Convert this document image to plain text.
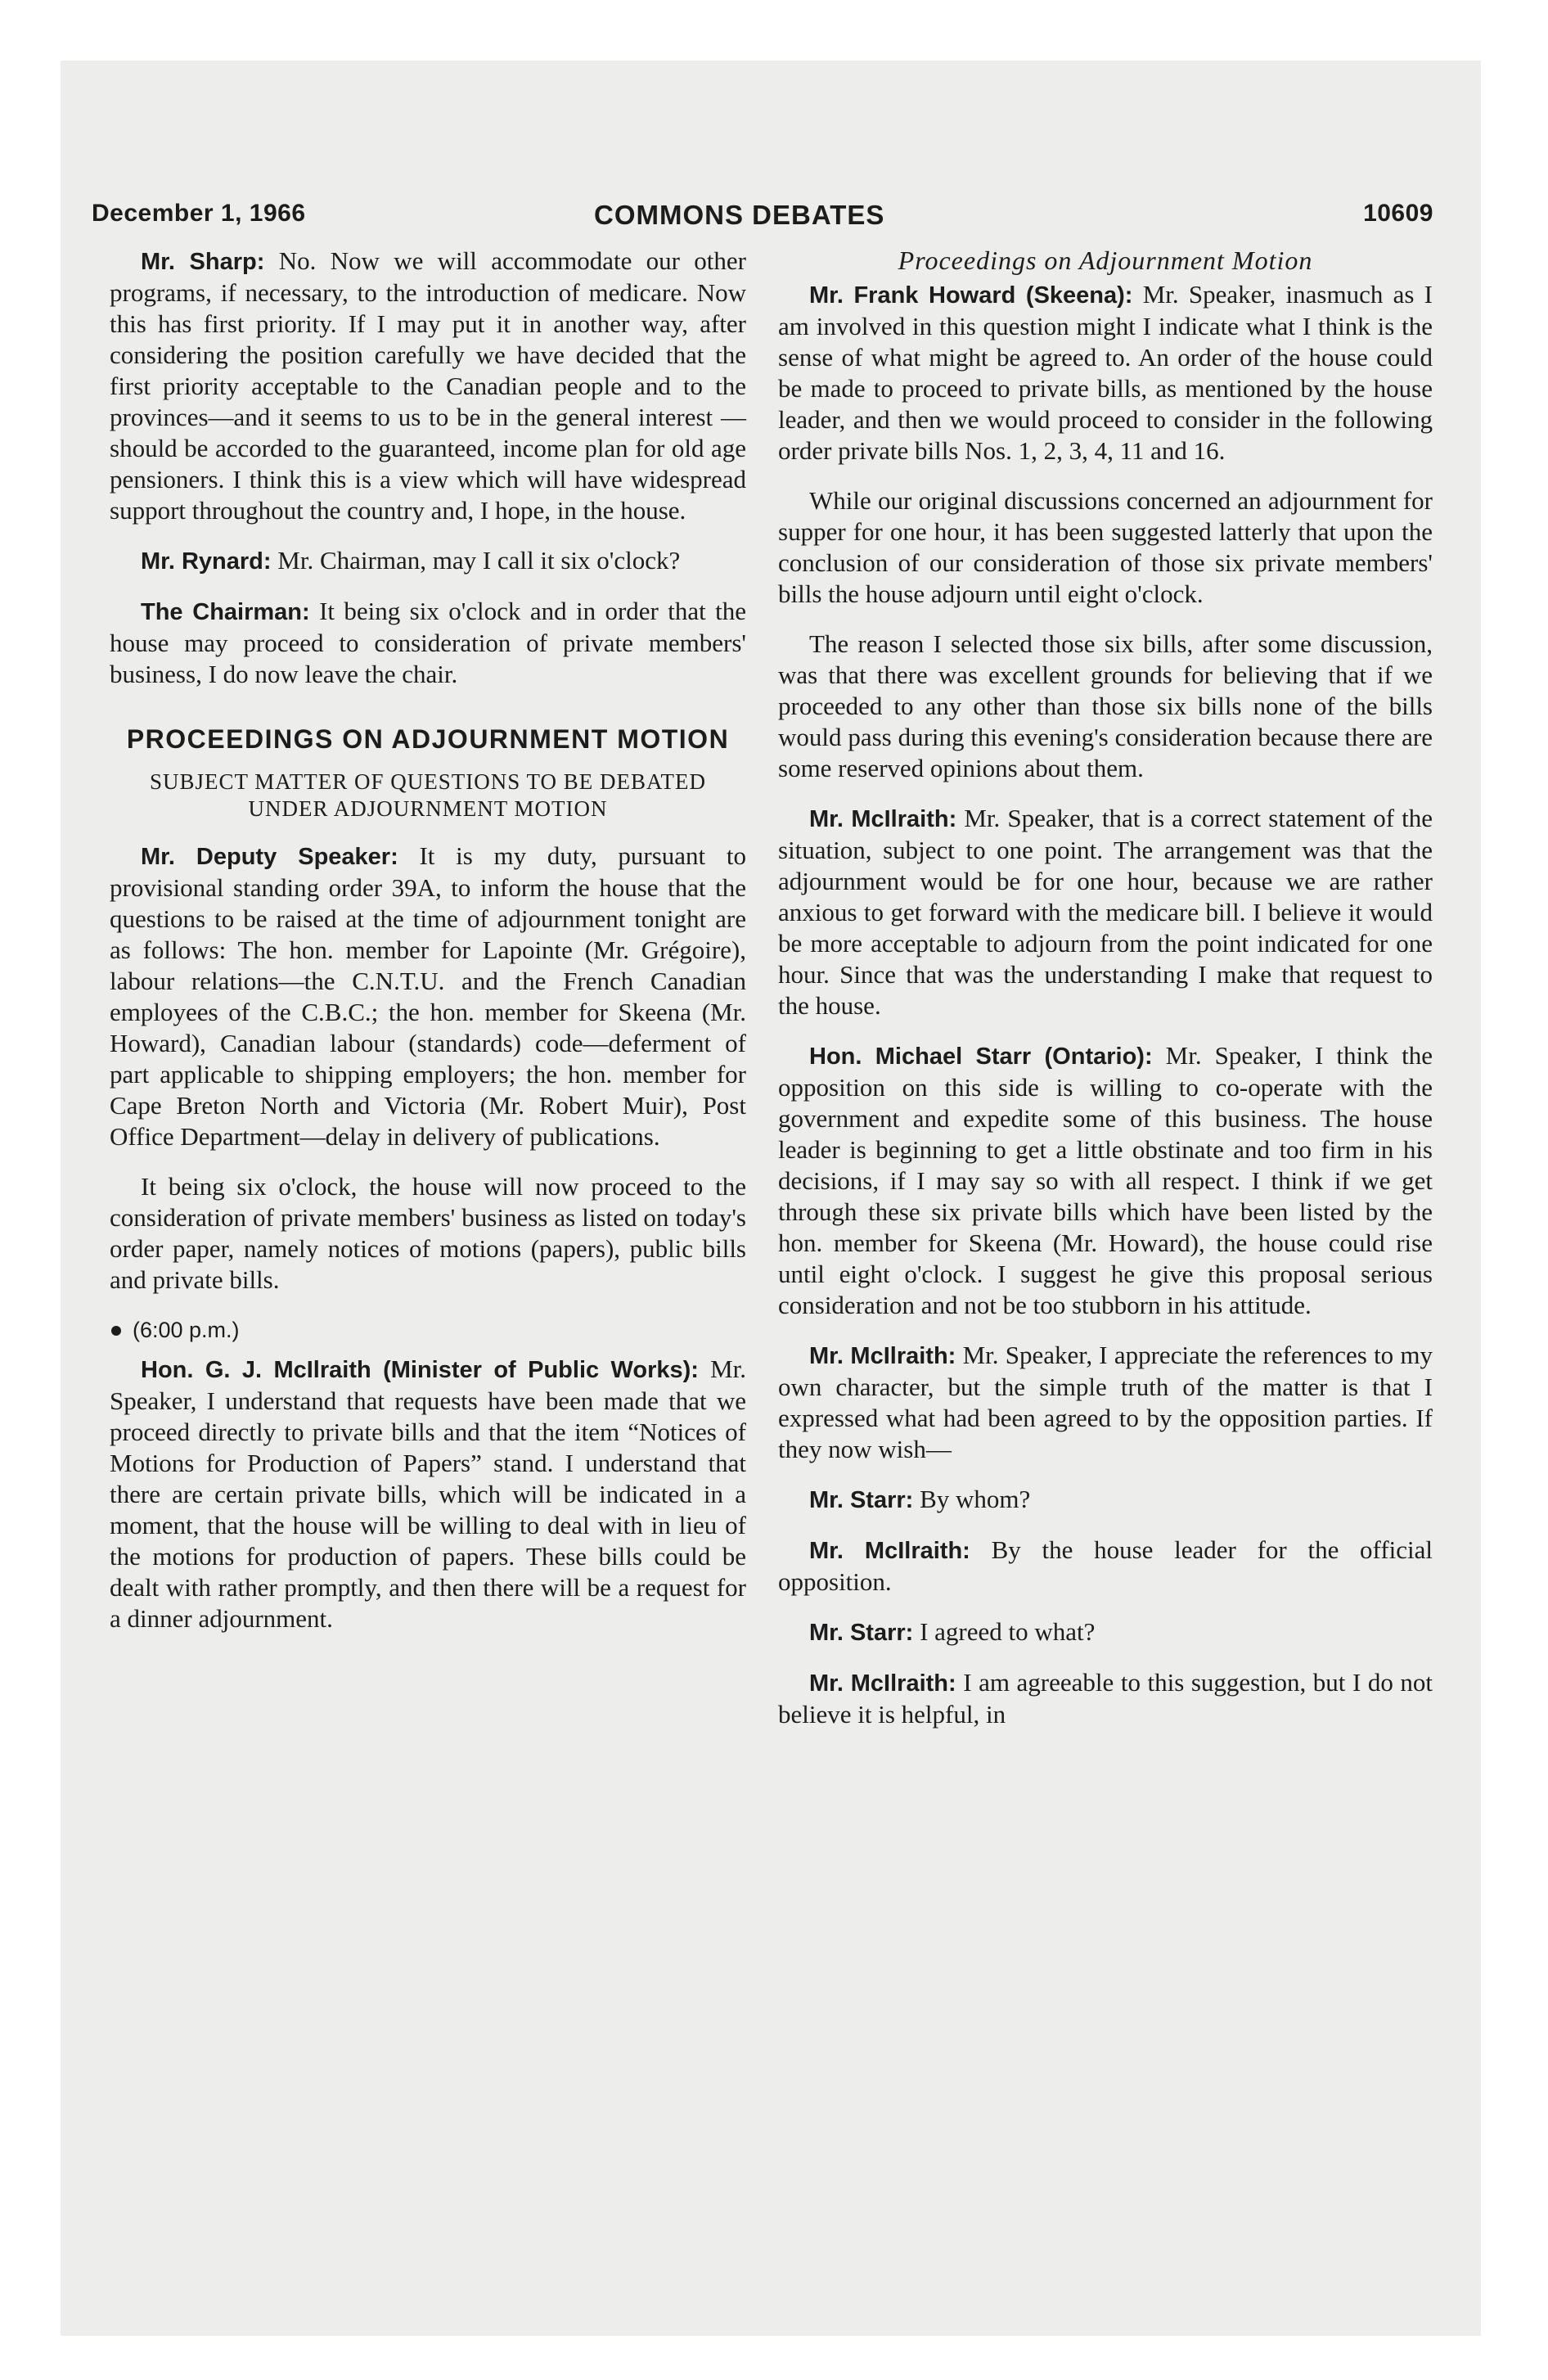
December 1, 1966	COMMONS DEBATES	10609

Mr. Sharp: No. Now we will accommodate our other programs, if necessary, to the introduction of medicare. Now this has first priority. If I may put it in another way, after considering the position carefully we have decided that the first priority acceptable to the Canadian people and to the provinces—and it seems to us to be in the general interest —should be accorded to the guaranteed, income plan for old age pensioners. I think this is a view which will have widespread support throughout the country and, I hope, in the house.

Mr. Rynard: Mr. Chairman, may I call it six o'clock?

The Chairman: It being six o'clock and in order that the house may proceed to consideration of private members' business, I do now leave the chair.

PROCEEDINGS ON ADJOURNMENT MOTION
SUBJECT MATTER OF QUESTIONS TO BE DEBATED UNDER ADJOURNMENT MOTION

Mr. Deputy Speaker: It is my duty, pursuant to provisional standing order 39A, to inform the house that the questions to be raised at the time of adjournment tonight are as follows: The hon. member for Lapointe (Mr. Grégoire), labour relations—the C.N.T.U. and the French Canadian employees of the C.B.C.; the hon. member for Skeena (Mr. Howard), Canadian labour (standards) code—deferment of part applicable to shipping employers; the hon. member for Cape Breton North and Victoria (Mr. Robert Muir), Post Office Department—delay in delivery of publications.

It being six o'clock, the house will now proceed to the consideration of private members' business as listed on today's order paper, namely notices of motions (papers), public bills and private bills.

(6:00 p.m.)

Hon. G. J. McIlraith (Minister of Public Works): Mr. Speaker, I understand that requests have been made that we proceed directly to private bills and that the item “Notices of Motions for Production of Papers” stand. I understand that there are certain private bills, which will be indicated in a moment, that the house will be willing to deal with in lieu of the motions for production of papers. These bills could be dealt with rather promptly, and then there will be a request for a dinner adjournment.

Proceedings on Adjournment Motion

Mr. Frank Howard (Skeena): Mr. Speaker, inasmuch as I am involved in this question might I indicate what I think is the sense of what might be agreed to. An order of the house could be made to proceed to private bills, as mentioned by the house leader, and then we would proceed to consider in the following order private bills Nos. 1, 2, 3, 4, 11 and 16.

While our original discussions concerned an adjournment for supper for one hour, it has been suggested latterly that upon the conclusion of our consideration of those six private members' bills the house adjourn until eight o'clock.

The reason I selected those six bills, after some discussion, was that there was excellent grounds for believing that if we proceeded to any other than those six bills none of the bills would pass during this evening's consideration because there are some reserved opinions about them.

Mr. McIlraith: Mr. Speaker, that is a correct statement of the situation, subject to one point. The arrangement was that the adjournment would be for one hour, because we are rather anxious to get forward with the medicare bill. I believe it would be more acceptable to adjourn from the point indicated for one hour. Since that was the understanding I make that request to the house.

Hon. Michael Starr (Ontario): Mr. Speaker, I think the opposition on this side is willing to co-operate with the government and expedite some of this business. The house leader is beginning to get a little obstinate and too firm in his decisions, if I may say so with all respect. I think if we get through these six private bills which have been listed by the hon. member for Skeena (Mr. Howard), the house could rise until eight o'clock. I suggest he give this proposal serious consideration and not be too stubborn in his attitude.

Mr. McIlraith: Mr. Speaker, I appreciate the references to my own character, but the simple truth of the matter is that I expressed what had been agreed to by the opposition parties. If they now wish—

Mr. Starr: By whom?

Mr. McIlraith: By the house leader for the official opposition.

Mr. Starr: I agreed to what?

Mr. McIlraith: I am agreeable to this suggestion, but I do not believe it is helpful, in
